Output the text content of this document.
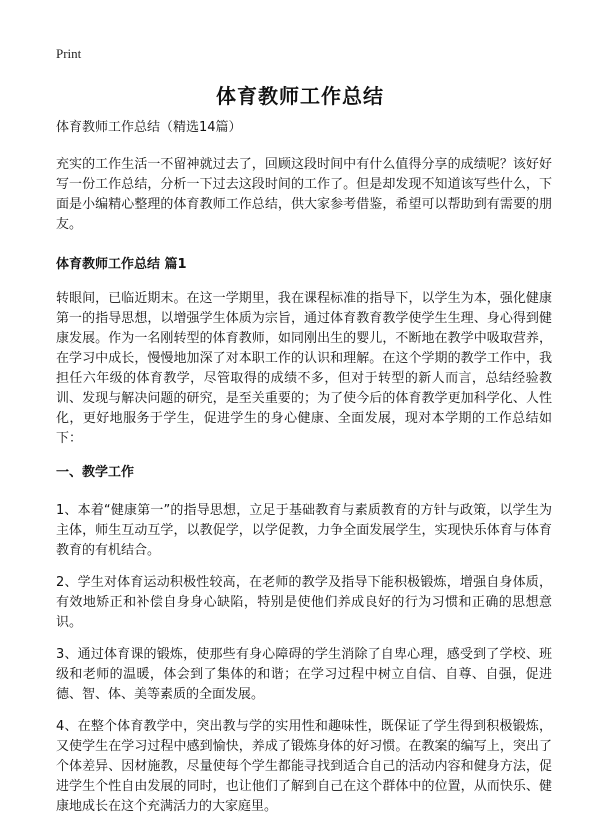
Print
体育教师工作总结
体育教师工作总结（精选14篇）

充实的工作生活一不留神就过去了，回顾这段时间中有什么值得分享的成绩呢？该好好写一份工作总结，分析一下过去这段时间的工作了。但是却发现不知道该写些什么，下面是小编精心整理的体育教师工作总结，供大家参考借鉴，希望可以帮助到有需要的朋友。

体育教师工作总结 篇1

转眼间，已临近期末。在这一学期里，我在课程标准的指导下，以学生为本，强化健康第一的指导思想，以增强学生体质为宗旨，通过体育教育教学使学生生理、身心得到健康发展。作为一名刚转型的体育教师，如同刚出生的婴儿，不断地在教学中吸取营养，在学习中成长，慢慢地加深了对本职工作的认识和理解。在这个学期的教学工作中，我担任六年级的体育教学，尽管取得的成绩不多，但对于转型的新人而言，总结经验教训、发现与解决问题的研究，是至关重要的；为了使今后的体育教学更加科学化、人性化，更好地服务于学生，促进学生的身心健康、全面发展，现对本学期的工作总结如下：

一、教学工作

1、本着“健康第一”的指导思想，立足于基础教育与素质教育的方针与政策，以学生为主体，师生互动互学，以教促学，以学促教，力争全面发展学生，实现快乐体育与体育教育的有机结合。

2、学生对体育运动积极性较高，在老师的教学及指导下能积极锻炼，增强自身体质，有效地矫正和补偿自身身心缺陷，特别是使他们养成良好的行为习惯和正确的思想意识。

3、通过体育课的锻炼，使那些有身心障碍的学生消除了自卑心理，感受到了学校、班级和老师的温暖，体会到了集体的和谐；在学习过程中树立自信、自尊、自强，促进德、智、体、美等素质的全面发展。

4、在整个体育教学中，突出教与学的实用性和趣味性，既保证了学生得到积极锻炼，又使学生在学习过程中感到愉快，养成了锻炼身体的好习惯。在教案的编写上，突出了个体差异、因材施教，尽量使每个学生都能寻找到适合自己的活动内容和健身方法，促进学生个性自由发展的同时，也让他们了解到自己在这个群体中的位置，从而快乐、健康地成长在这个充满活力的大家庭里。
